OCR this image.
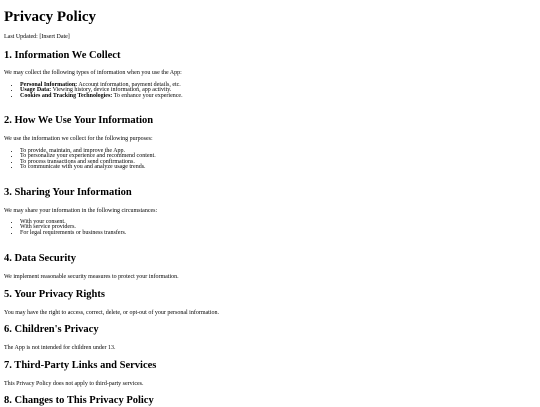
Privacy Policy
Last Updated: [Insert Date]
1. Information We Collect

We may collect the following types of information when you use the App:

• Personal Information: Account information, payment details, etc.
• Usage Data: Viewing history, device information, app activity.
• Cookies and Tracking Technologies: To enhance your experience.
2. How We Use Your Information

We use the information we collect for the following purposes:

• To provide, maintain, and improve the App.
• To personalize your experience and recommend content.
• To process transactions and send confirmations.
• To communicate with you and analyze usage trends.
3. Sharing Your Information

We may share your information in the following circumstances:

• With your consent.
• With service providers.
• For legal requirements or business transfers.
4. Data Security

We implement reasonable security measures to protect your information.

5. Your Privacy Rights

You may have the right to access, correct, delete, or opt-out of your personal information.

6. Children's Privacy

The App is not intended for children under 13.

7. Third-Party Links and Services

This Privacy Policy does not apply to third-party services.

8. Changes to This Privacy Policy
